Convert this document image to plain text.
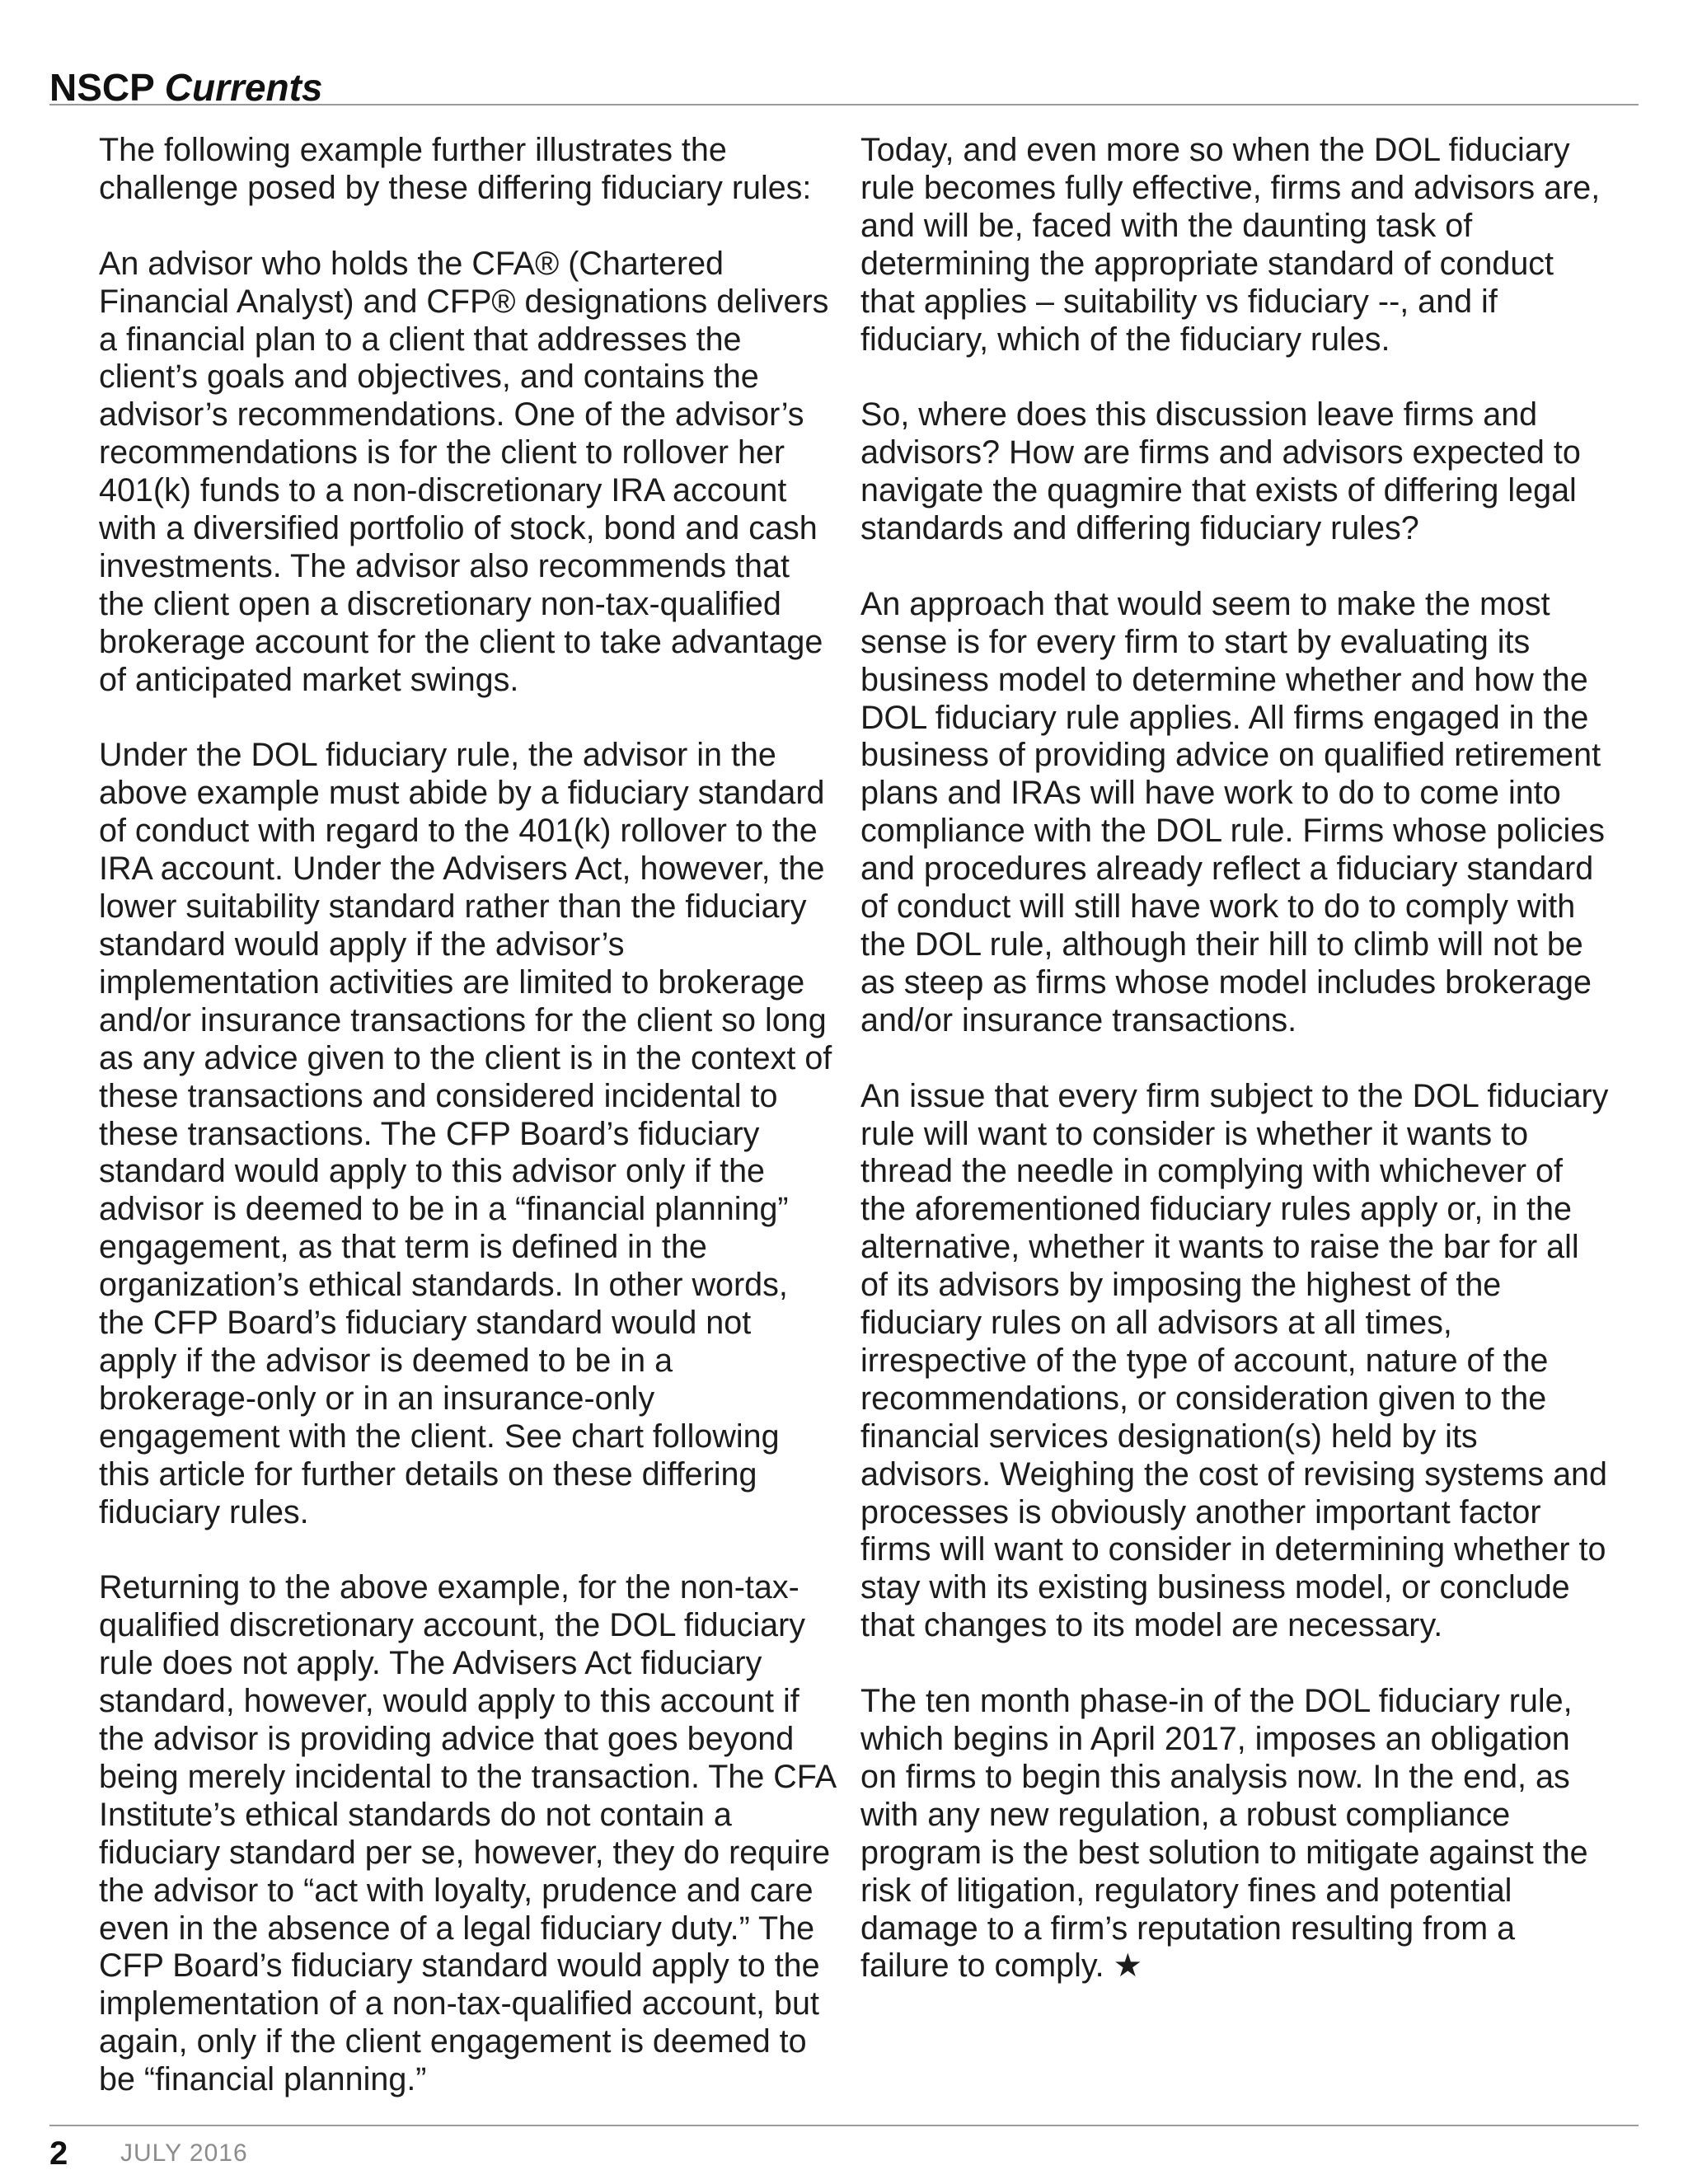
NSCP Currents

The following example further illustrates the challenge posed by these differing fiduciary rules:

An advisor who holds the CFA® (Chartered Financial Analyst) and CFP® designations delivers a financial plan to a client that addresses the client’s goals and objectives, and contains the advisor’s recommendations. One of the advisor’s recommendations is for the client to rollover her 401(k) funds to a non-discretionary IRA account with a diversified portfolio of stock, bond and cash investments. The advisor also recommends that the client open a discretionary non-tax-qualified brokerage account for the client to take advantage of anticipated market swings.

Under the DOL fiduciary rule, the advisor in the above example must abide by a fiduciary standard of conduct with regard to the 401(k) rollover to the IRA account. Under the Advisers Act, however, the lower suitability standard rather than the fiduciary standard would apply if the advisor’s implementation activities are limited to brokerage and/or insurance transactions for the client so long as any advice given to the client is in the context of these transactions and considered incidental to these transactions. The CFP Board’s fiduciary standard would apply to this advisor only if the advisor is deemed to be in a “financial planning” engagement, as that term is defined in the organization’s ethical standards. In other words, the CFP Board’s fiduciary standard would not apply if the advisor is deemed to be in a brokerage-only or in an insurance-only engagement with the client. See chart following this article for further details on these differing fiduciary rules.

Returning to the above example, for the non-tax-qualified discretionary account, the DOL fiduciary rule does not apply. The Advisers Act fiduciary standard, however, would apply to this account if the advisor is providing advice that goes beyond being merely incidental to the transaction. The CFA Institute’s ethical standards do not contain a fiduciary standard per se, however, they do require the advisor to “act with loyalty, prudence and care even in the absence of a legal fiduciary duty.” The CFP Board’s fiduciary standard would apply to the implementation of a non-tax-qualified account, but again, only if the client engagement is deemed to be “financial planning.”

Today, and even more so when the DOL fiduciary rule becomes fully effective, firms and advisors are, and will be, faced with the daunting task of determining the appropriate standard of conduct that applies – suitability vs fiduciary --, and if fiduciary, which of the fiduciary rules.

So, where does this discussion leave firms and advisors? How are firms and advisors expected to navigate the quagmire that exists of differing legal standards and differing fiduciary rules?

An approach that would seem to make the most sense is for every firm to start by evaluating its business model to determine whether and how the DOL fiduciary rule applies. All firms engaged in the business of providing advice on qualified retirement plans and IRAs will have work to do to come into compliance with the DOL rule. Firms whose policies and procedures already reflect a fiduciary standard of conduct will still have work to do to comply with the DOL rule, although their hill to climb will not be as steep as firms whose model includes brokerage and/or insurance transactions.

An issue that every firm subject to the DOL fiduciary rule will want to consider is whether it wants to thread the needle in complying with whichever of the aforementioned fiduciary rules apply or, in the alternative, whether it wants to raise the bar for all of its advisors by imposing the highest of the fiduciary rules on all advisors at all times, irrespective of the type of account, nature of the recommendations, or consideration given to the financial services designation(s) held by its advisors. Weighing the cost of revising systems and processes is obviously another important factor firms will want to consider in determining whether to stay with its existing business model, or conclude that changes to its model are necessary.

The ten month phase-in of the DOL fiduciary rule, which begins in April 2017, imposes an obligation on firms to begin this analysis now. In the end, as with any new regulation, a robust compliance program is the best solution to mitigate against the risk of litigation, regulatory fines and potential damage to a firm’s reputation resulting from a failure to comply. ★

2 JULY 2016
